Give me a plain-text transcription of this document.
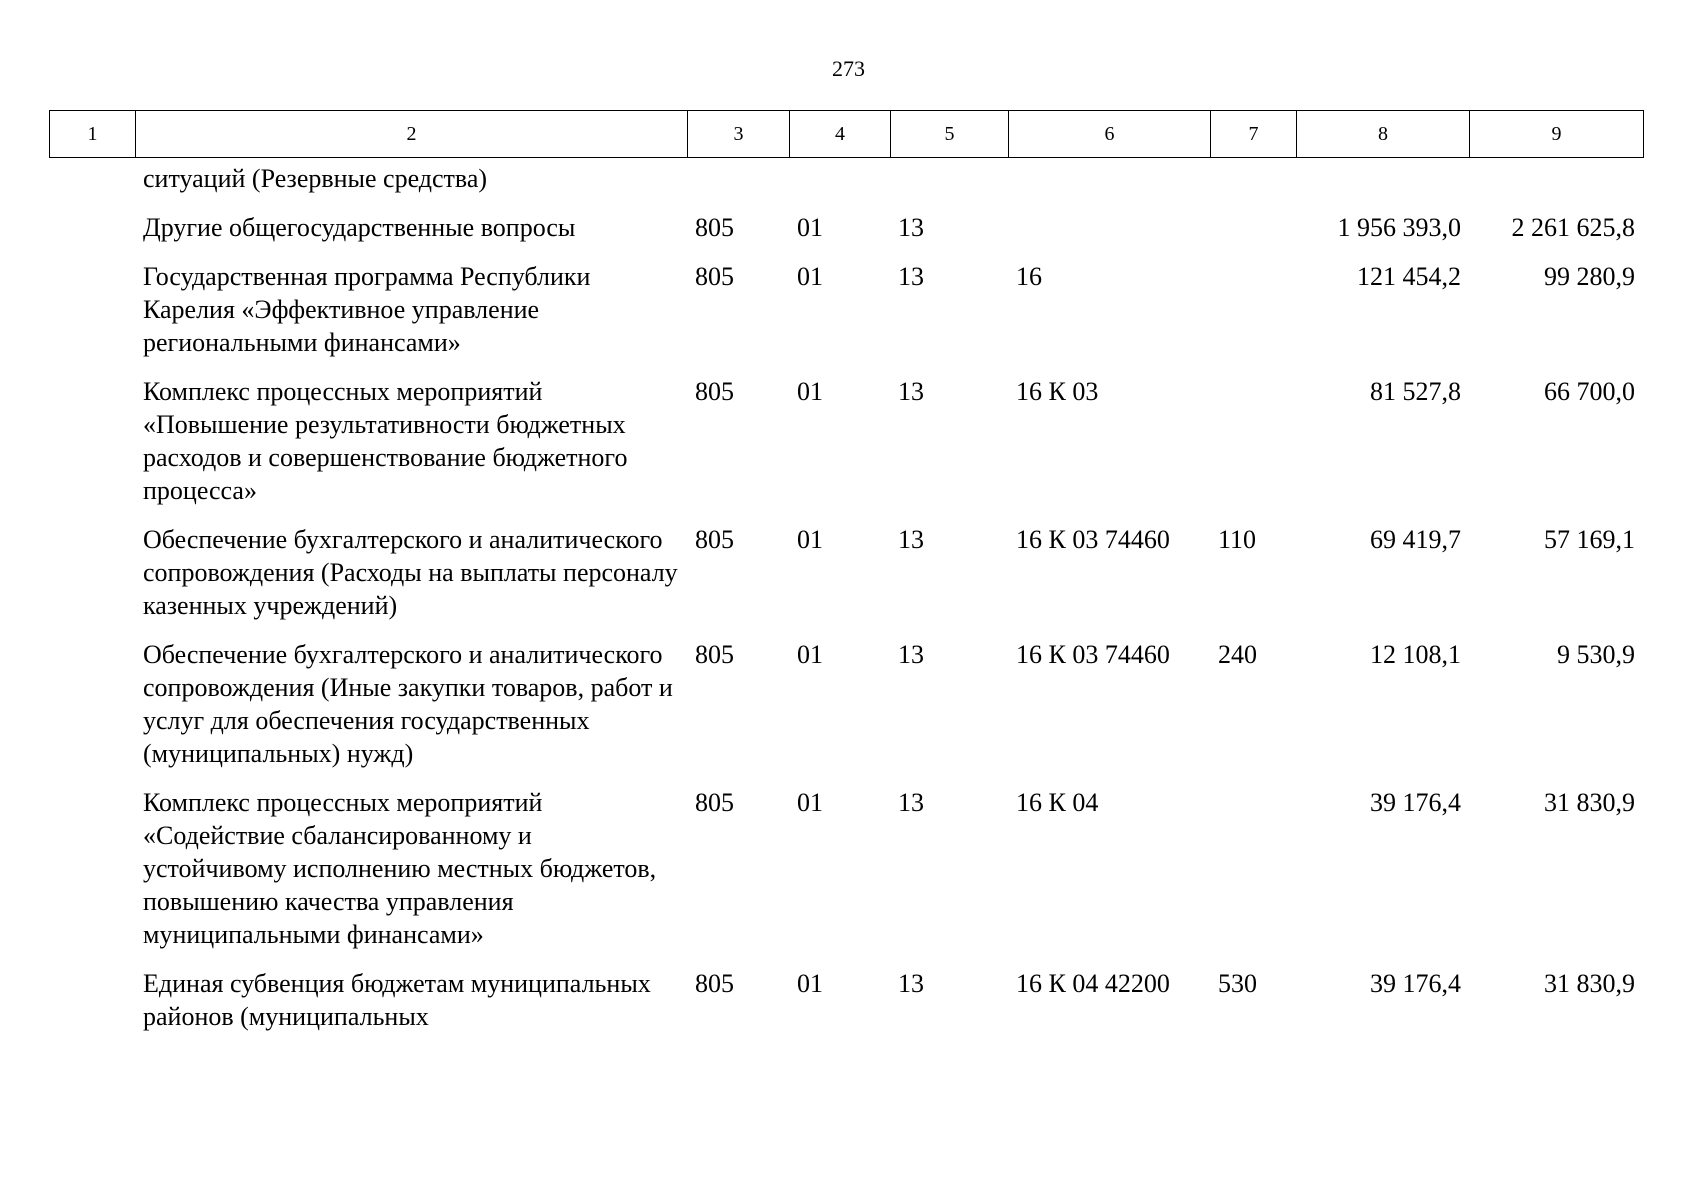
273
1	2	3	4	5	6	7	8	9
	ситуаций (Резервные средства)							
	Другие общегосударственные вопросы	805	01	13			1 956 393,0	2 261 625,8
	Государственная программа Республики Карелия «Эффективное управление региональными финансами»	805	01	13	16		121 454,2	99 280,9
	Комплекс процессных мероприятий «Повышение результативности бюджетных расходов и совершенствование бюджетного процесса»	805	01	13	16 К 03		81 527,8	66 700,0
	Обеспечение бухгалтерского и аналитического сопровождения (Расходы на выплаты персоналу казенных учреждений)	805	01	13	16 К 03 74460	110	69 419,7	57 169,1
	Обеспечение бухгалтерского и аналитического сопровождения (Иные закупки товаров, работ и услуг для обеспечения государственных (муниципальных) нужд)	805	01	13	16 К 03 74460	240	12 108,1	9 530,9
	Комплекс процессных мероприятий «Содействие сбалансированному и устойчивому исполнению местных бюджетов, повышению качества управления муниципальными финансами»	805	01	13	16 К 04		39 176,4	31 830,9
	Единая субвенция бюджетам муниципальных районов (муниципальных	805	01	13	16 К 04 42200	530	39 176,4	31 830,9
